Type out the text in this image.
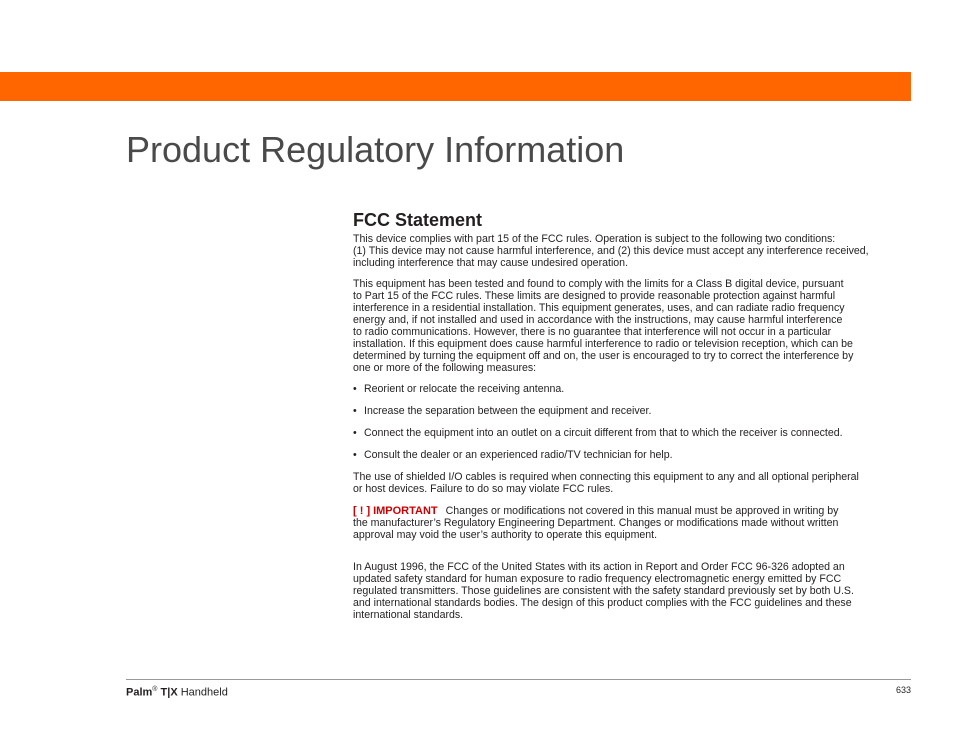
Product Regulatory Information
FCC Statement

This device complies with part 15 of the FCC rules. Operation is subject to the following two conditions:
(1) This device may not cause harmful interference, and (2) this device must accept any interference received,
including interference that may cause undesired operation.

This equipment has been tested and found to comply with the limits for a Class B digital device, pursuant
to Part 15 of the FCC rules. These limits are designed to provide reasonable protection against harmful
interference in a residential installation. This equipment generates, uses, and can radiate radio frequency
energy and, if not installed and used in accordance with the instructions, may cause harmful interference
to radio communications. However, there is no guarantee that interference will not occur in a particular
installation. If this equipment does cause harmful interference to radio or television reception, which can be
determined by turning the equipment off and on, the user is encouraged to try to correct the interference by
one or more of the following measures:

• Reorient or relocate the receiving antenna.
• Increase the separation between the equipment and receiver.
• Connect the equipment into an outlet on a circuit different from that to which the receiver is connected.
• Consult the dealer or an experienced radio/TV technician for help.

The use of shielded I/O cables is required when connecting this equipment to any and all optional peripheral
or host devices. Failure to do so may violate FCC rules.

[ ! ] IMPORTANT Changes or modifications not covered in this manual must be approved in writing by
the manufacturer’s Regulatory Engineering Department. Changes or modifications made without written
approval may void the user’s authority to operate this equipment.

In August 1996, the FCC of the United States with its action in Report and Order FCC 96-326 adopted an
updated safety standard for human exposure to radio frequency electromagnetic energy emitted by FCC
regulated transmitters. Those guidelines are consistent with the safety standard previously set by both U.S.
and international standards bodies. The design of this product complies with the FCC guidelines and these
international standards.

Palm® T|X Handheld	633
